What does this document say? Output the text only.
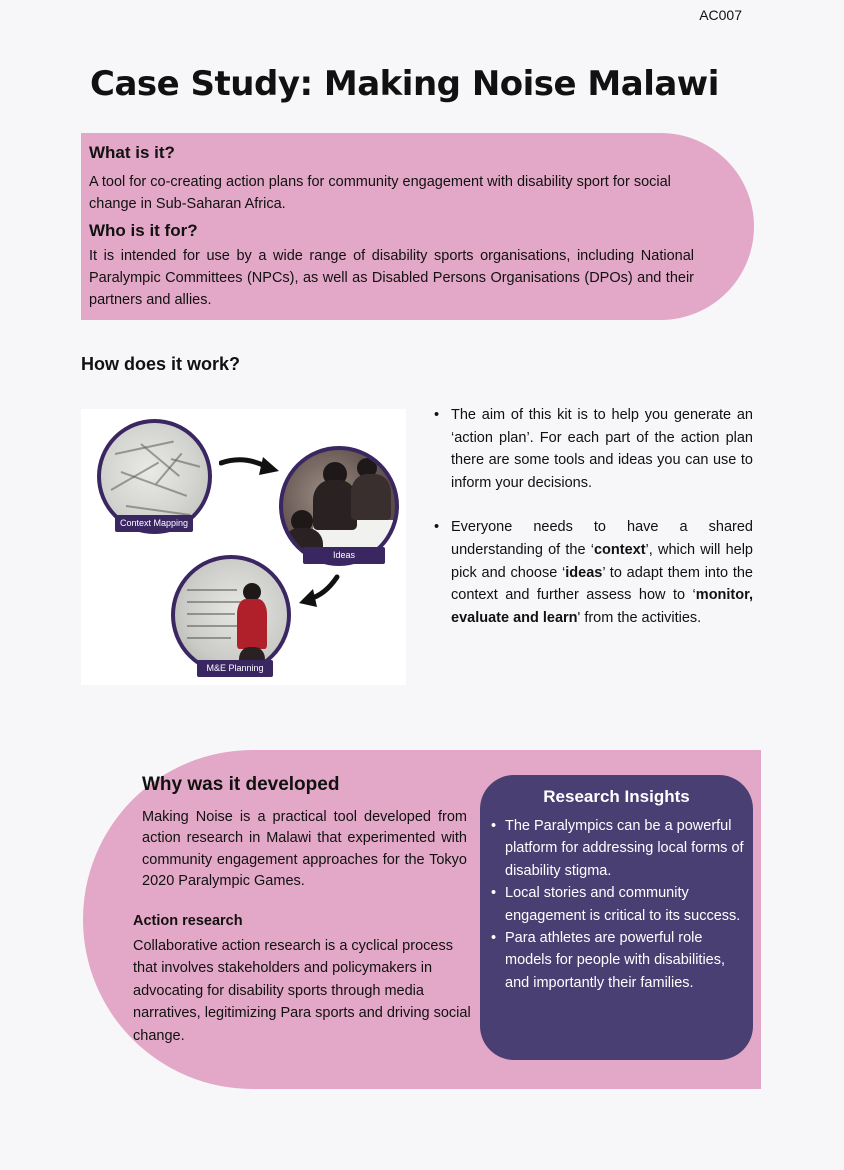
AC007
Case Study: Making Noise Malawi
What is it?

A tool for co-creating action plans for community engagement with disability sport for social change in Sub-Saharan Africa.

Who is it for?

It is intended for use by a wide range of disability sports organisations, including National Paralympic Committees (NPCs), as well as Disabled Persons Organisations (DPOs) and their partners and allies.

How does it work?
Context Mapping
Ideas
M&E Planning
• The aim of this kit is to help you generate an ‘action plan’. For each part of the action plan there are some tools and ideas you can use to inform your decisions.
• Everyone needs to have a shared understanding of the ‘context’, which will help pick and choose ‘ideas’ to adapt them into the context and further assess how to ‘monitor, evaluate and learn' from the activities.
Why was it developed

Making Noise is a practical tool developed from action research in Malawi that experimented with community engagement approaches for the Tokyo 2020 Paralympic Games.

Action research

Collaborative action research is a cyclical process that involves stakeholders and policymakers in advocating for disability sports through media narratives, legitimizing Para sports and driving social change.

Research Insights
• The Paralympics can be a powerful platform for addressing local forms of disability stigma.
• Local stories and community engagement is critical to its success.
• Para athletes are powerful role models for people with disabilities, and importantly their families.
